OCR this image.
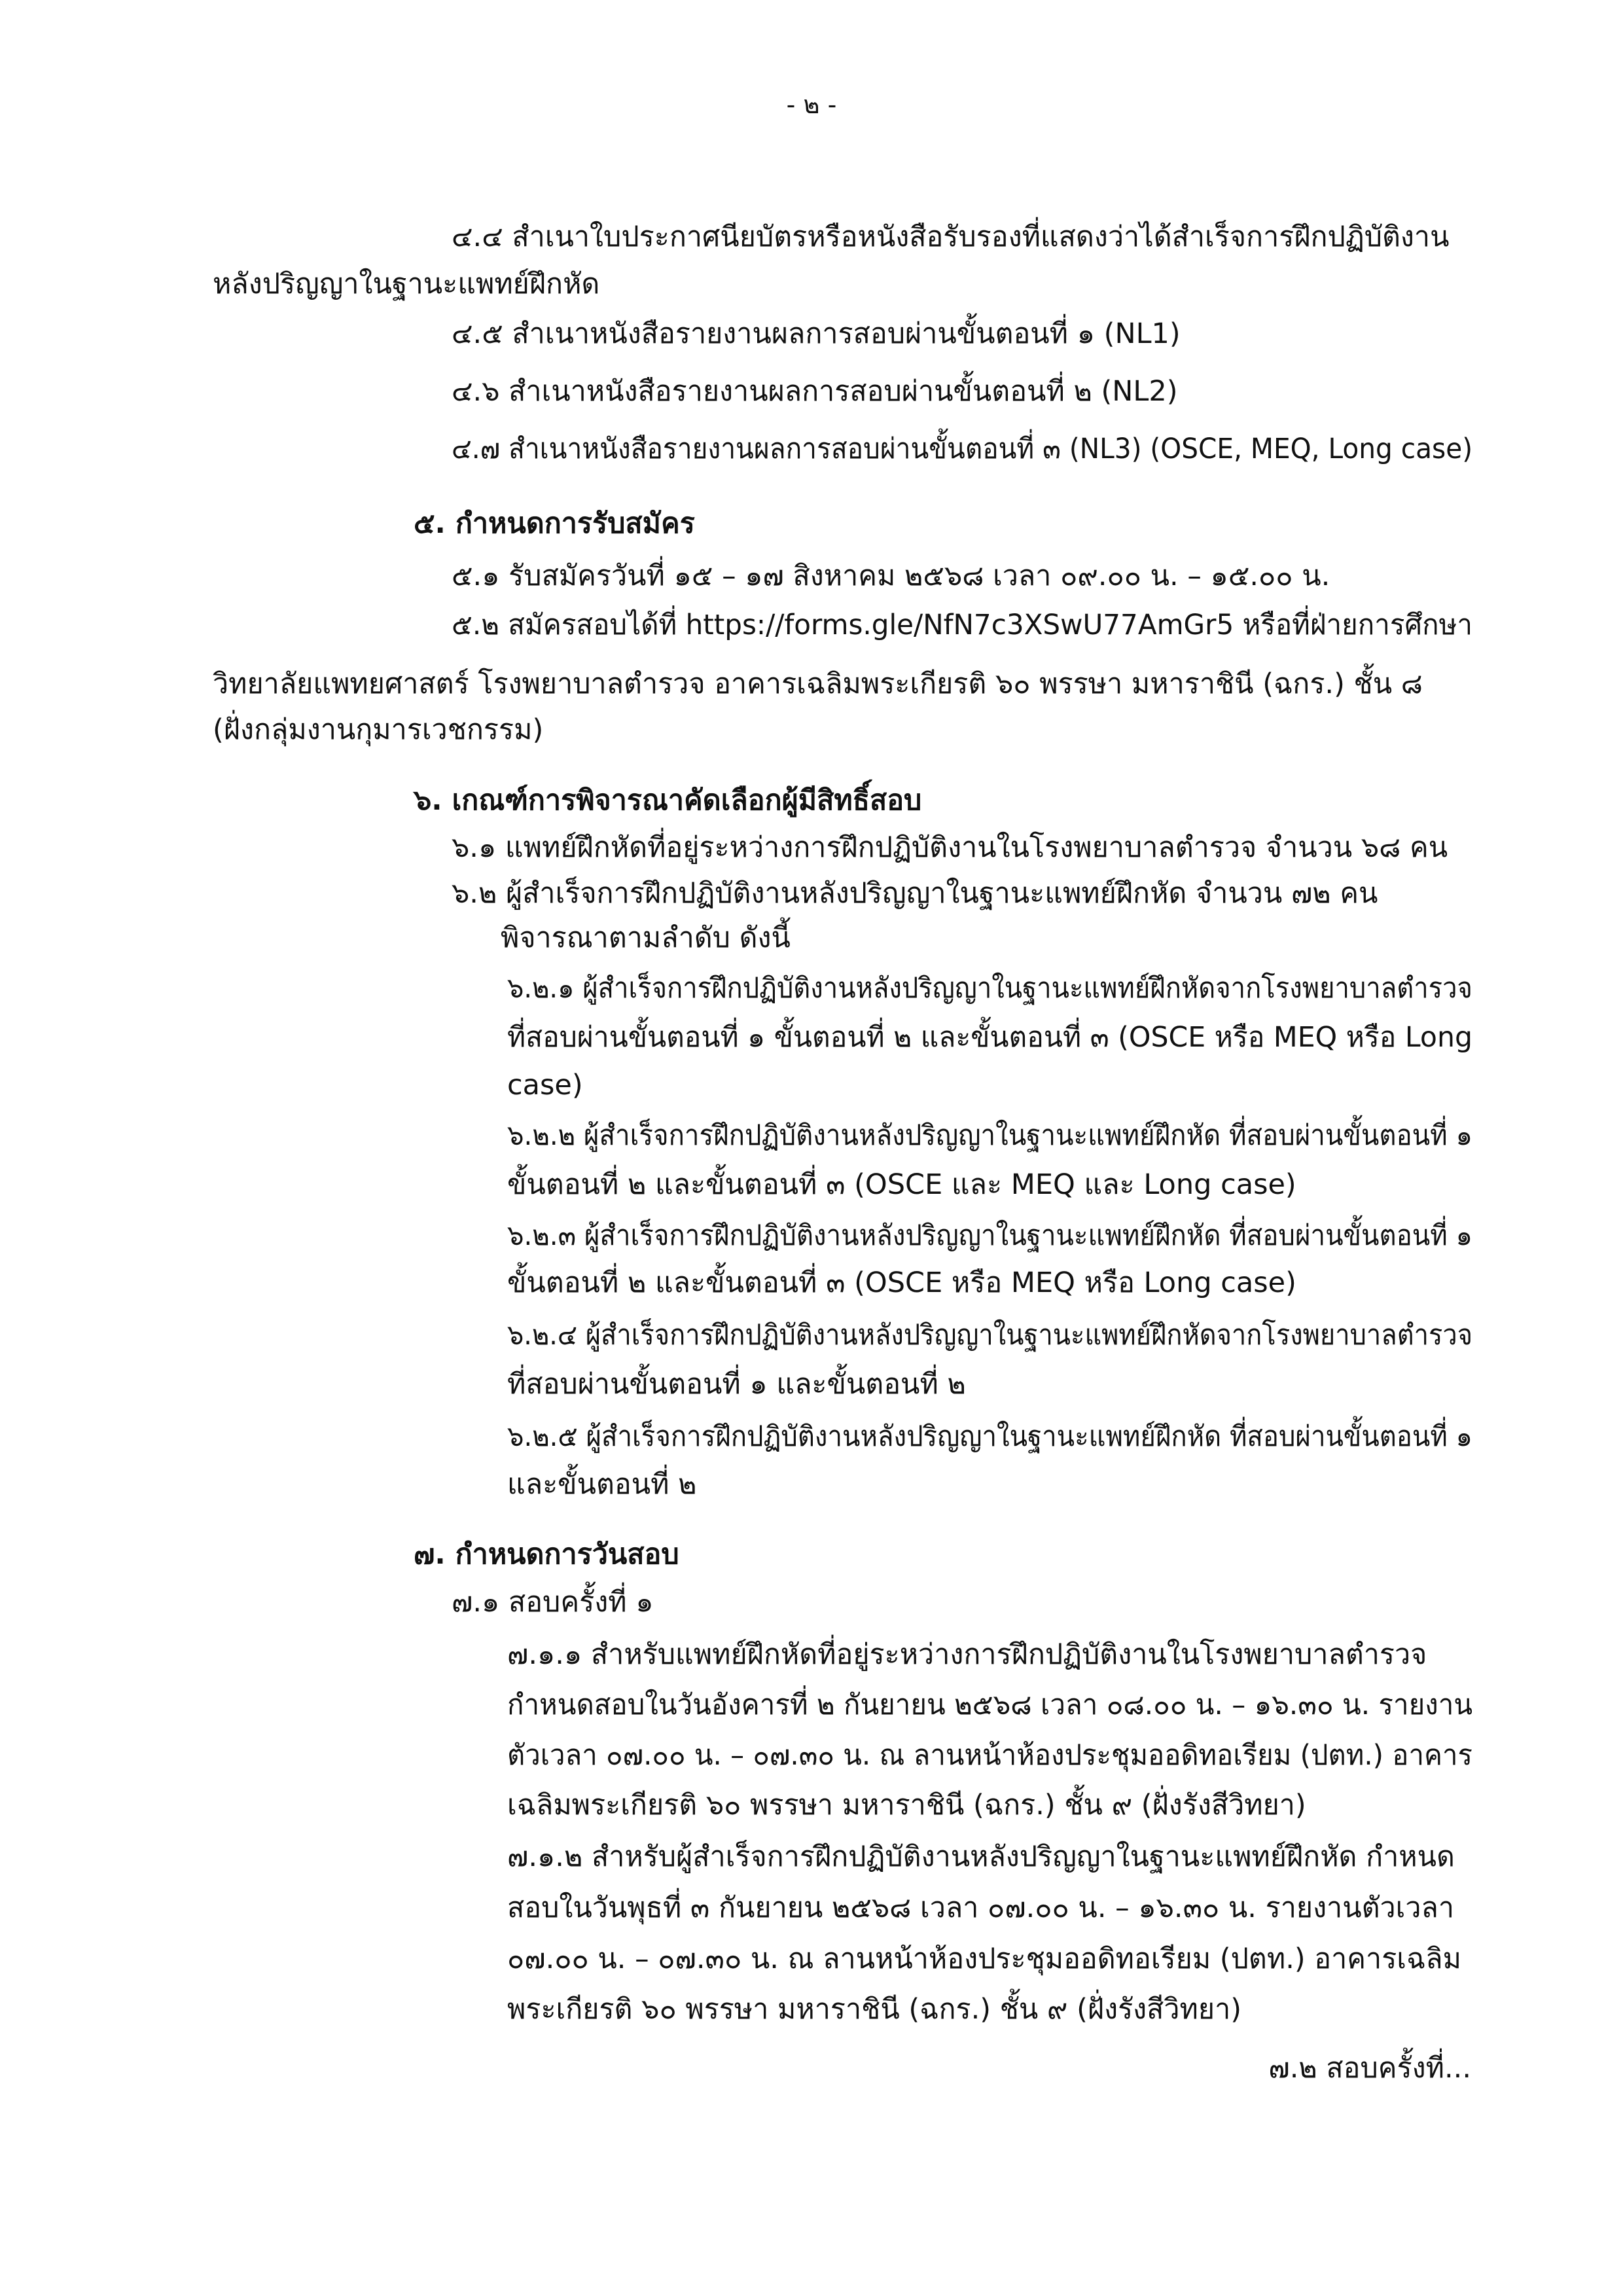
- ๒ -

๔.๔ สำเนาใบประกาศนียบัตรหรือหนังสือรับรองที่แสดงว่าได้สำเร็จการฝึกปฏิบัติงาน

หลังปริญญาในฐานะแพทย์ฝึกหัด

๔.๕ สำเนาหนังสือรายงานผลการสอบผ่านขั้นตอนที่ ๑ (NL1)

๔.๖ สำเนาหนังสือรายงานผลการสอบผ่านขั้นตอนที่ ๒ (NL2)

๔.๗ สำเนาหนังสือรายงานผลการสอบผ่านขั้นตอนที่ ๓ (NL3) (OSCE, MEQ, Long case)

๕. กำหนดการรับสมัคร

๕.๑ รับสมัครวันที่ ๑๕ – ๑๗ สิงหาคม ๒๕๖๘ เวลา ๐๙.๐๐ น. – ๑๕.๐๐ น.

๕.๒ สมัครสอบได้ที่ https://forms.gle/NfN7c3XSwU77AmGr5 หรือที่ฝ่ายการศึกษา

วิทยาลัยแพทยศาสตร์ โรงพยาบาลตำรวจ อาคารเฉลิมพระเกียรติ ๖๐ พรรษา มหาราชินี (ฉกร.) ชั้น ๘

(ฝั่งกลุ่มงานกุมารเวชกรรม)

๖. เกณฑ์การพิจารณาคัดเลือกผู้มีสิทธิ์สอบ

๖.๑ แพทย์ฝึกหัดที่อยู่ระหว่างการฝึกปฏิบัติงานในโรงพยาบาลตำรวจ จำนวน ๖๘ คน

๖.๒ ผู้สำเร็จการฝึกปฏิบัติงานหลังปริญญาในฐานะแพทย์ฝึกหัด จำนวน ๗๒ คน

พิจารณาตามลำดับ ดังนี้

๖.๒.๑ ผู้สำเร็จการฝึกปฏิบัติงานหลังปริญญาในฐานะแพทย์ฝึกหัดจากโรงพยาบาลตำรวจ

ที่สอบผ่านขั้นตอนที่ ๑ ขั้นตอนที่ ๒ และขั้นตอนที่ ๓ (OSCE หรือ MEQ หรือ Long

case)

๖.๒.๒ ผู้สำเร็จการฝึกปฏิบัติงานหลังปริญญาในฐานะแพทย์ฝึกหัด ที่สอบผ่านขั้นตอนที่ ๑

ขั้นตอนที่ ๒ และขั้นตอนที่ ๓ (OSCE และ MEQ และ Long case)

๖.๒.๓ ผู้สำเร็จการฝึกปฏิบัติงานหลังปริญญาในฐานะแพทย์ฝึกหัด ที่สอบผ่านขั้นตอนที่ ๑

ขั้นตอนที่ ๒ และขั้นตอนที่ ๓ (OSCE หรือ MEQ หรือ Long case)

๖.๒.๔ ผู้สำเร็จการฝึกปฏิบัติงานหลังปริญญาในฐานะแพทย์ฝึกหัดจากโรงพยาบาลตำรวจ

ที่สอบผ่านขั้นตอนที่ ๑ และขั้นตอนที่ ๒

๖.๒.๕ ผู้สำเร็จการฝึกปฏิบัติงานหลังปริญญาในฐานะแพทย์ฝึกหัด ที่สอบผ่านขั้นตอนที่ ๑

และขั้นตอนที่ ๒

๗. กำหนดการวันสอบ

๗.๑ สอบครั้งที่ ๑

๗.๑.๑ สำหรับแพทย์ฝึกหัดที่อยู่ระหว่างการฝึกปฏิบัติงานในโรงพยาบาลตำรวจ

กำหนดสอบในวันอังคารที่ ๒ กันยายน ๒๕๖๘ เวลา ๐๘.๐๐ น. – ๑๖.๓๐ น. รายงาน

ตัวเวลา ๐๗.๐๐ น. – ๐๗.๓๐ น. ณ ลานหน้าห้องประชุมออดิทอเรียม (ปตท.) อาคาร

เฉลิมพระเกียรติ ๖๐ พรรษา มหาราชินี (ฉกร.) ชั้น ๙ (ฝั่งรังสีวิทยา)

๗.๑.๒ สำหรับผู้สำเร็จการฝึกปฏิบัติงานหลังปริญญาในฐานะแพทย์ฝึกหัด กำหนด

สอบในวันพุธที่ ๓ กันยายน ๒๕๖๘ เวลา ๐๗.๐๐ น. – ๑๖.๓๐ น. รายงานตัวเวลา

๐๗.๐๐ น. – ๐๗.๓๐ น. ณ ลานหน้าห้องประชุมออดิทอเรียม (ปตท.) อาคารเฉลิม

พระเกียรติ ๖๐ พรรษา มหาราชินี (ฉกร.) ชั้น ๙ (ฝั่งรังสีวิทยา)

๗.๒ สอบครั้งที่...
